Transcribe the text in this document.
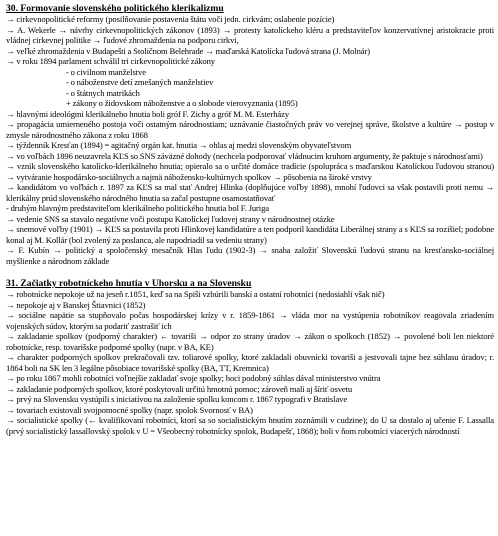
30. Formovanie slovenského politického klerikalizmu
→ cirkevnopolitické reformy (posilňovanie postavenia štátu voči jedn. cirkvám; oslabenie pozície)
→ A. Wekerle → návrhy cirkevnopolitických zákonov (1893) → protesty katolíckeho kléru a predstaviteľov konzervatívnej aristokracie proti vládnej cirkevnej politike → ľudové zhromaždenia na podporu cirkvi,
→ veľké zhromaždenia v Budapešti a Stoličnom Belehrade → maďarská Katolícka ľudová strana (J. Molnár)
→ v roku 1894 parlament schválil tri cirkevnopolitické zákony
- o civilnom manželstve
- o náboženstve detí zmešaných manželstiev
- o štátnych matrikách
+ zákony o židovskom náboženstve a o slobode vierovyznania (1895)
→ hlavnými ideológmi klerikálneho hnutia boli gróf F. Zichy a gróf M. M. Esterházy
→ propagácia umierneného postoja voči ostatným národnostiam; uznávanie čiastočných práv vo verejnej správe, školstve a kultúre → postup v zmysle národnostného zákona z roku 1868
→ týždenník Kresťan (1894) = agitačný orgán kat. hnutia → ohlas aj medzi slovenským obyvateľstvom
→ vo voľbách 1896 neuzavrela KĽS so SNS záväzné dohody (nechcela podporovať vládnucim kruhom argumenty, že paktuje s národnosťami)
→ vznik slovenského katolícko-klerikálneho hnutia; opieralo sa o určité domáce tradície (spolupráca s maďarskou Katolíckou ľudovou stranou) → vytváranie hospodársko-sociálnych a najmä nábožensko-kultúrnych spolkov → pôsobenia na široké vrstvy
→ kandidátom vo voľbách r. 1897 za KĽS sa mal stať Andrej Hlinka (doplňujúce voľby 1898), mnohí ľudovci sa však postavili proti nemu → klerikálny prúd slovenského národného hnutia sa začal postupne osamostatňovať
- druhým hlavným predstaviteľom klerikálneho politického hnutia bol F. Juriga
→ vedenie SNS sa stavalo negatívne voči postupu Katolíckej ľudovej strany v národnostnej otázke
→ snemové voľby (1901) → KĽS sa postavila proti Hlinkovej kandidatúre a ten podporil kandidáta Liberálnej strany a s KĽS sa rozišiel; podobne konal aj M. Kollár (bol zvolený za poslanca, ale napodriadil sa vedeniu strany)
→ F. Kubín → politický a spoločenský mesačník Hlas ľudu (1902-3) → snaha založiť Slovenskú ľudovú stranu na kresťansko-sociálnej myšlienke a národnom základe
31. Začiatky robotníckeho hnutia v Uhorsku a na Slovensku
→ robotnícke nepokoje už na jeseň r.1851, keď sa na Spiši vzbúrili banskí a ostatní robotníci (nedosiahli však nič)
→ nepokoje aj v Banskej Štiavnici (1852)
→ sociálne napätie sa stupňovalo počas hospodárskej krízy v r. 1859-1861 → vláda mor na vystúpenia robotníkov reagovala zriadením vojenských súdov, ktorým sa podariť zastrašiť ich
→ zakladanie spolkov (podporný charakter) ← tovariši → odpor zo strany úradov → zákon o spolkoch (1852) → povolené boli len niektoré robotnícke, resp. tovarišske podporné spolky (napr. v BA, KE)
→ charakter podporných spolkov prekračovali tzv. toliarové spolky, ktoré zakladali obuvnícki tovariši a jestvovali tajne bez súhlasu úradov; r. 1864 boli na SK len 3 legálne pôsobiace tovarišské spolky (BA, TT, Kremnica)
→ po roku 1867 mohli robotníci voľnejšie zakladať svoje spolky; hoci podobný súhlas dával ministerstvo vnútra
→ zakladanie podporných spolkov, ktoré poskytovali určitú hmotnú pomoc; zároveň mali aj šíriť osvetu
→ prvý na Slovensku vystúpili s iniciatívou na založenie spolku koncom r. 1867 typografi v Bratislave
→ tovariach existovali svojpomocné spolky (napr. spolok Svornosť v BA)
→ socialistické spolky (← kvalifikovaní robotníci, ktorí sa so socialistickým hnutím zoznámili v cudzine); do U sa dostalo aj učenie F. Lassalla (prvý socialistický lassallovský spolok v U = Všeobecný robotnícky spolok, Budapešť, 1868); boli v ňom robotníci viacerých národností
